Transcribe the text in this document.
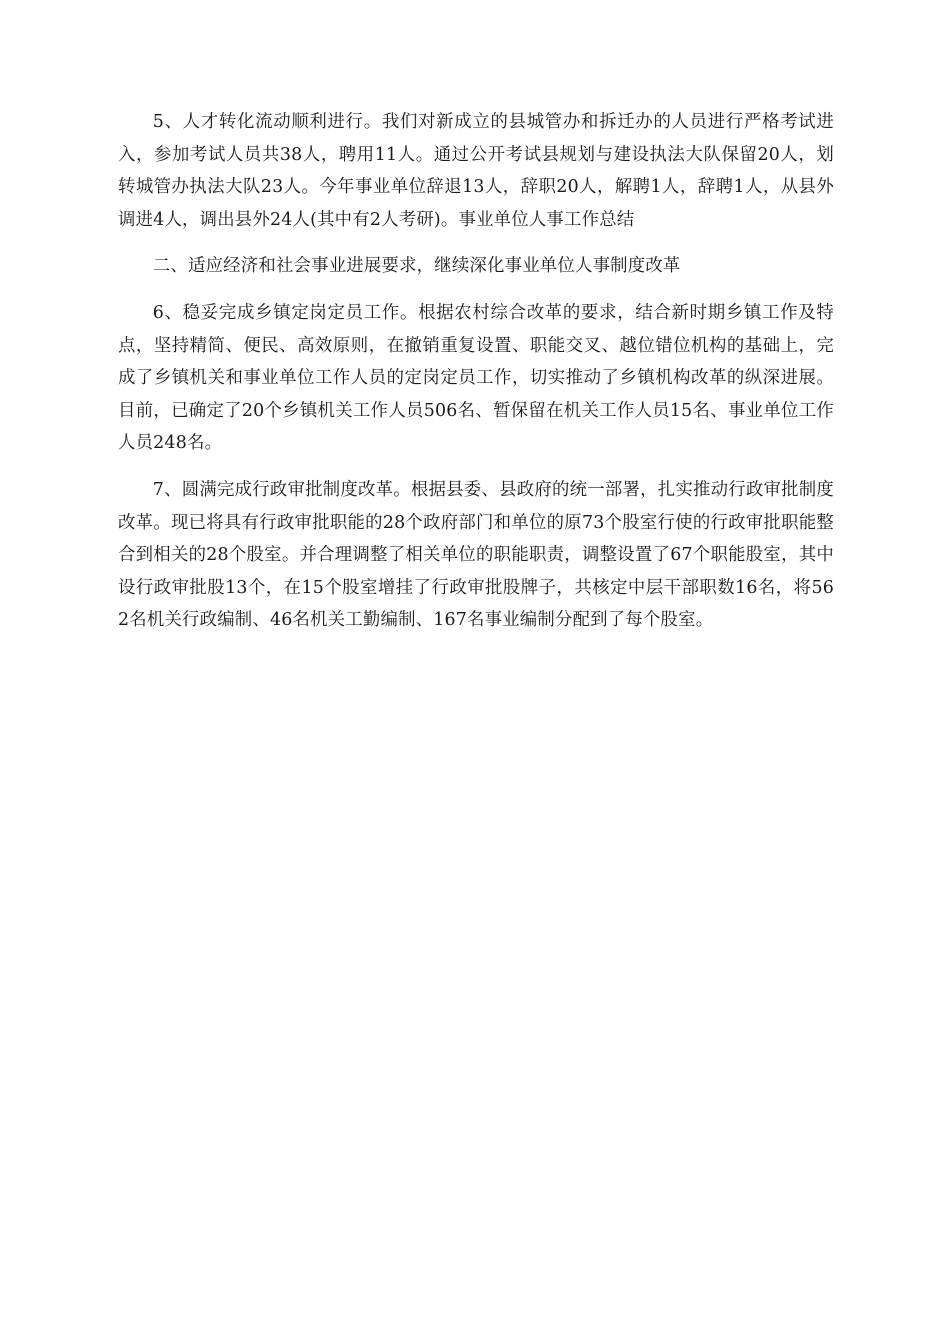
5、人才转化流动顺利进行。我们对新成立的县城管办和拆迁办的人员进行严格考试进入，参加考试人员共38人，聘用11人。通过公开考试县规划与建设执法大队保留20人，划转城管办执法大队23人。今年事业单位辞退13人，辞职20人，解聘1人，辞聘1人，从县外调进4人，调出县外24人(其中有2人考研)。事业单位人事工作总结

二、适应经济和社会事业进展要求，继续深化事业单位人事制度改革

6、稳妥完成乡镇定岗定员工作。根据农村综合改革的要求，结合新时期乡镇工作及特点，坚持精简、便民、高效原则，在撤销重复设置、职能交叉、越位错位机构的基础上，完成了乡镇机关和事业单位工作人员的定岗定员工作，切实推动了乡镇机构改革的纵深进展。目前，已确定了20个乡镇机关工作人员506名、暂保留在机关工作人员15名、事业单位工作人员248名。

7、圆满完成行政审批制度改革。根据县委、县政府的统一部署，扎实推动行政审批制度改革。现已将具有行政审批职能的28个政府部门和单位的原73个股室行使的行政审批职能整合到相关的28个股室。并合理调整了相关单位的职能职责，调整设置了67个职能股室，其中设行政审批股13个，在15个股室增挂了行政审批股牌子，共核定中层干部职数16名，将562名机关行政编制、46名机关工勤编制、167名事业编制分配到了每个股室。
